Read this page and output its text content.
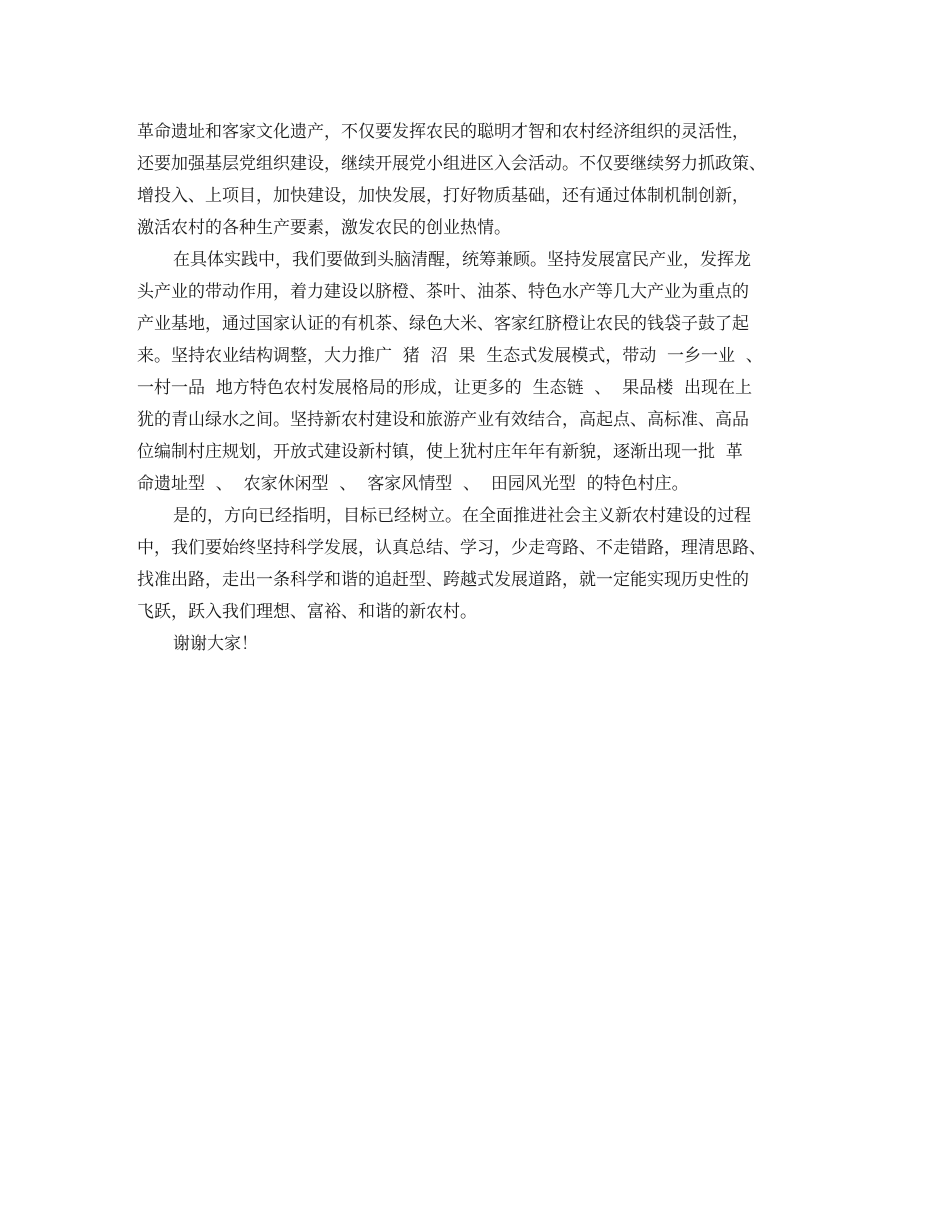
革命遗址和客家文化遗产，不仅要发挥农民的聪明才智和农村经济组织的灵活性，
还要加强基层党组织建设，继续开展党小组进区入会活动。不仅要继续努力抓政策、
增投入、上项目，加快建设，加快发展，打好物质基础，还有通过体制机制创新，
激活农村的各种生产要素，激发农民的创业热情。
在具体实践中，我们要做到头脑清醒，统筹兼顾。坚持发展富民产业，发挥龙
头产业的带动作用，着力建设以脐橙、茶叶、油茶、特色水产等几大产业为重点的
产业基地，通过国家认证的有机茶、绿色大米、客家红脐橙让农民的钱袋子鼓了起
来。坚持农业结构调整，大力推广  猪  沼  果  生态式发展模式，带动  一乡一业  、
一村一品  地方特色农村发展格局的形成，让更多的  生态链  、  果品楼  出现在上
犹的青山绿水之间。坚持新农村建设和旅游产业有效结合，高起点、高标准、高品
位编制村庄规划，开放式建设新村镇，使上犹村庄年年有新貌，逐渐出现一批  革
命遗址型  、  农家休闲型  、  客家风情型  、  田园风光型  的特色村庄。
是的，方向已经指明，目标已经树立。在全面推进社会主义新农村建设的过程
中，我们要始终坚持科学发展，认真总结、学习，少走弯路、不走错路，理清思路、
找准出路，走出一条科学和谐的追赶型、跨越式发展道路，就一定能实现历史性的
飞跃，跃入我们理想、富裕、和谐的新农村。
谢谢大家！
